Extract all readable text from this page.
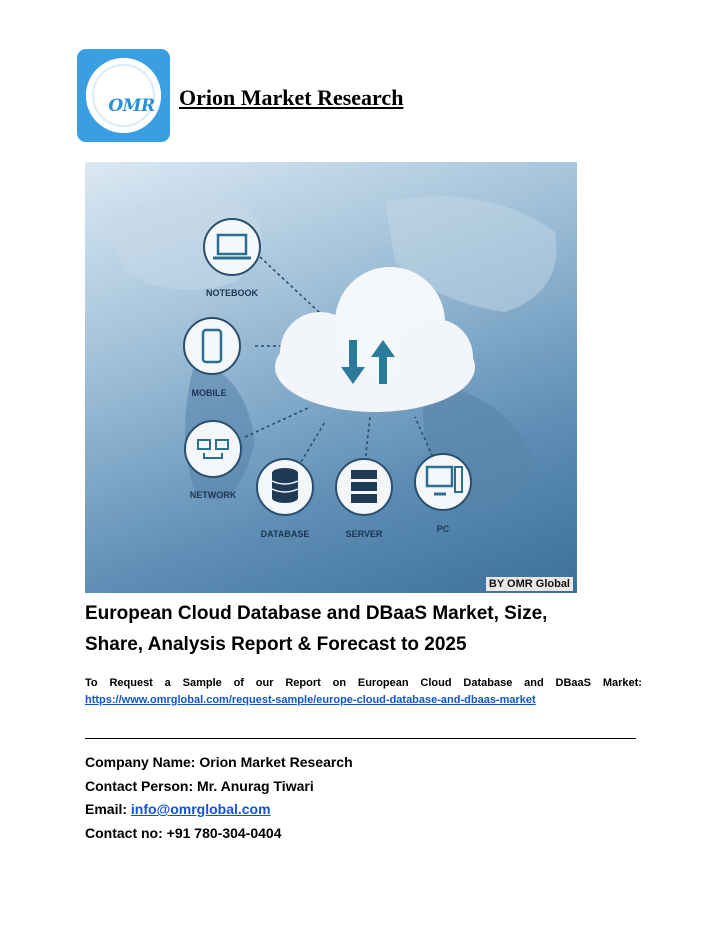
OMR	Orion Market Research
NOTEBOOK
MOBILE
NETWORK
DATABASE	SERVER	PC
BY OMR Global
European Cloud Database and DBaaS Market, Size,
Share, Analysis Report & Forecast to 2025
To Request a Sample of our Report on European Cloud Database and DBaaS Market:  https://www.omrglobal.com/request-sample/europe-cloud-database-and-dbaas-market
Company Name: Orion Market Research
Contact Person: Mr. Anurag Tiwari
Email: info@omrglobal.com
Contact no: +91 780-304-0404
